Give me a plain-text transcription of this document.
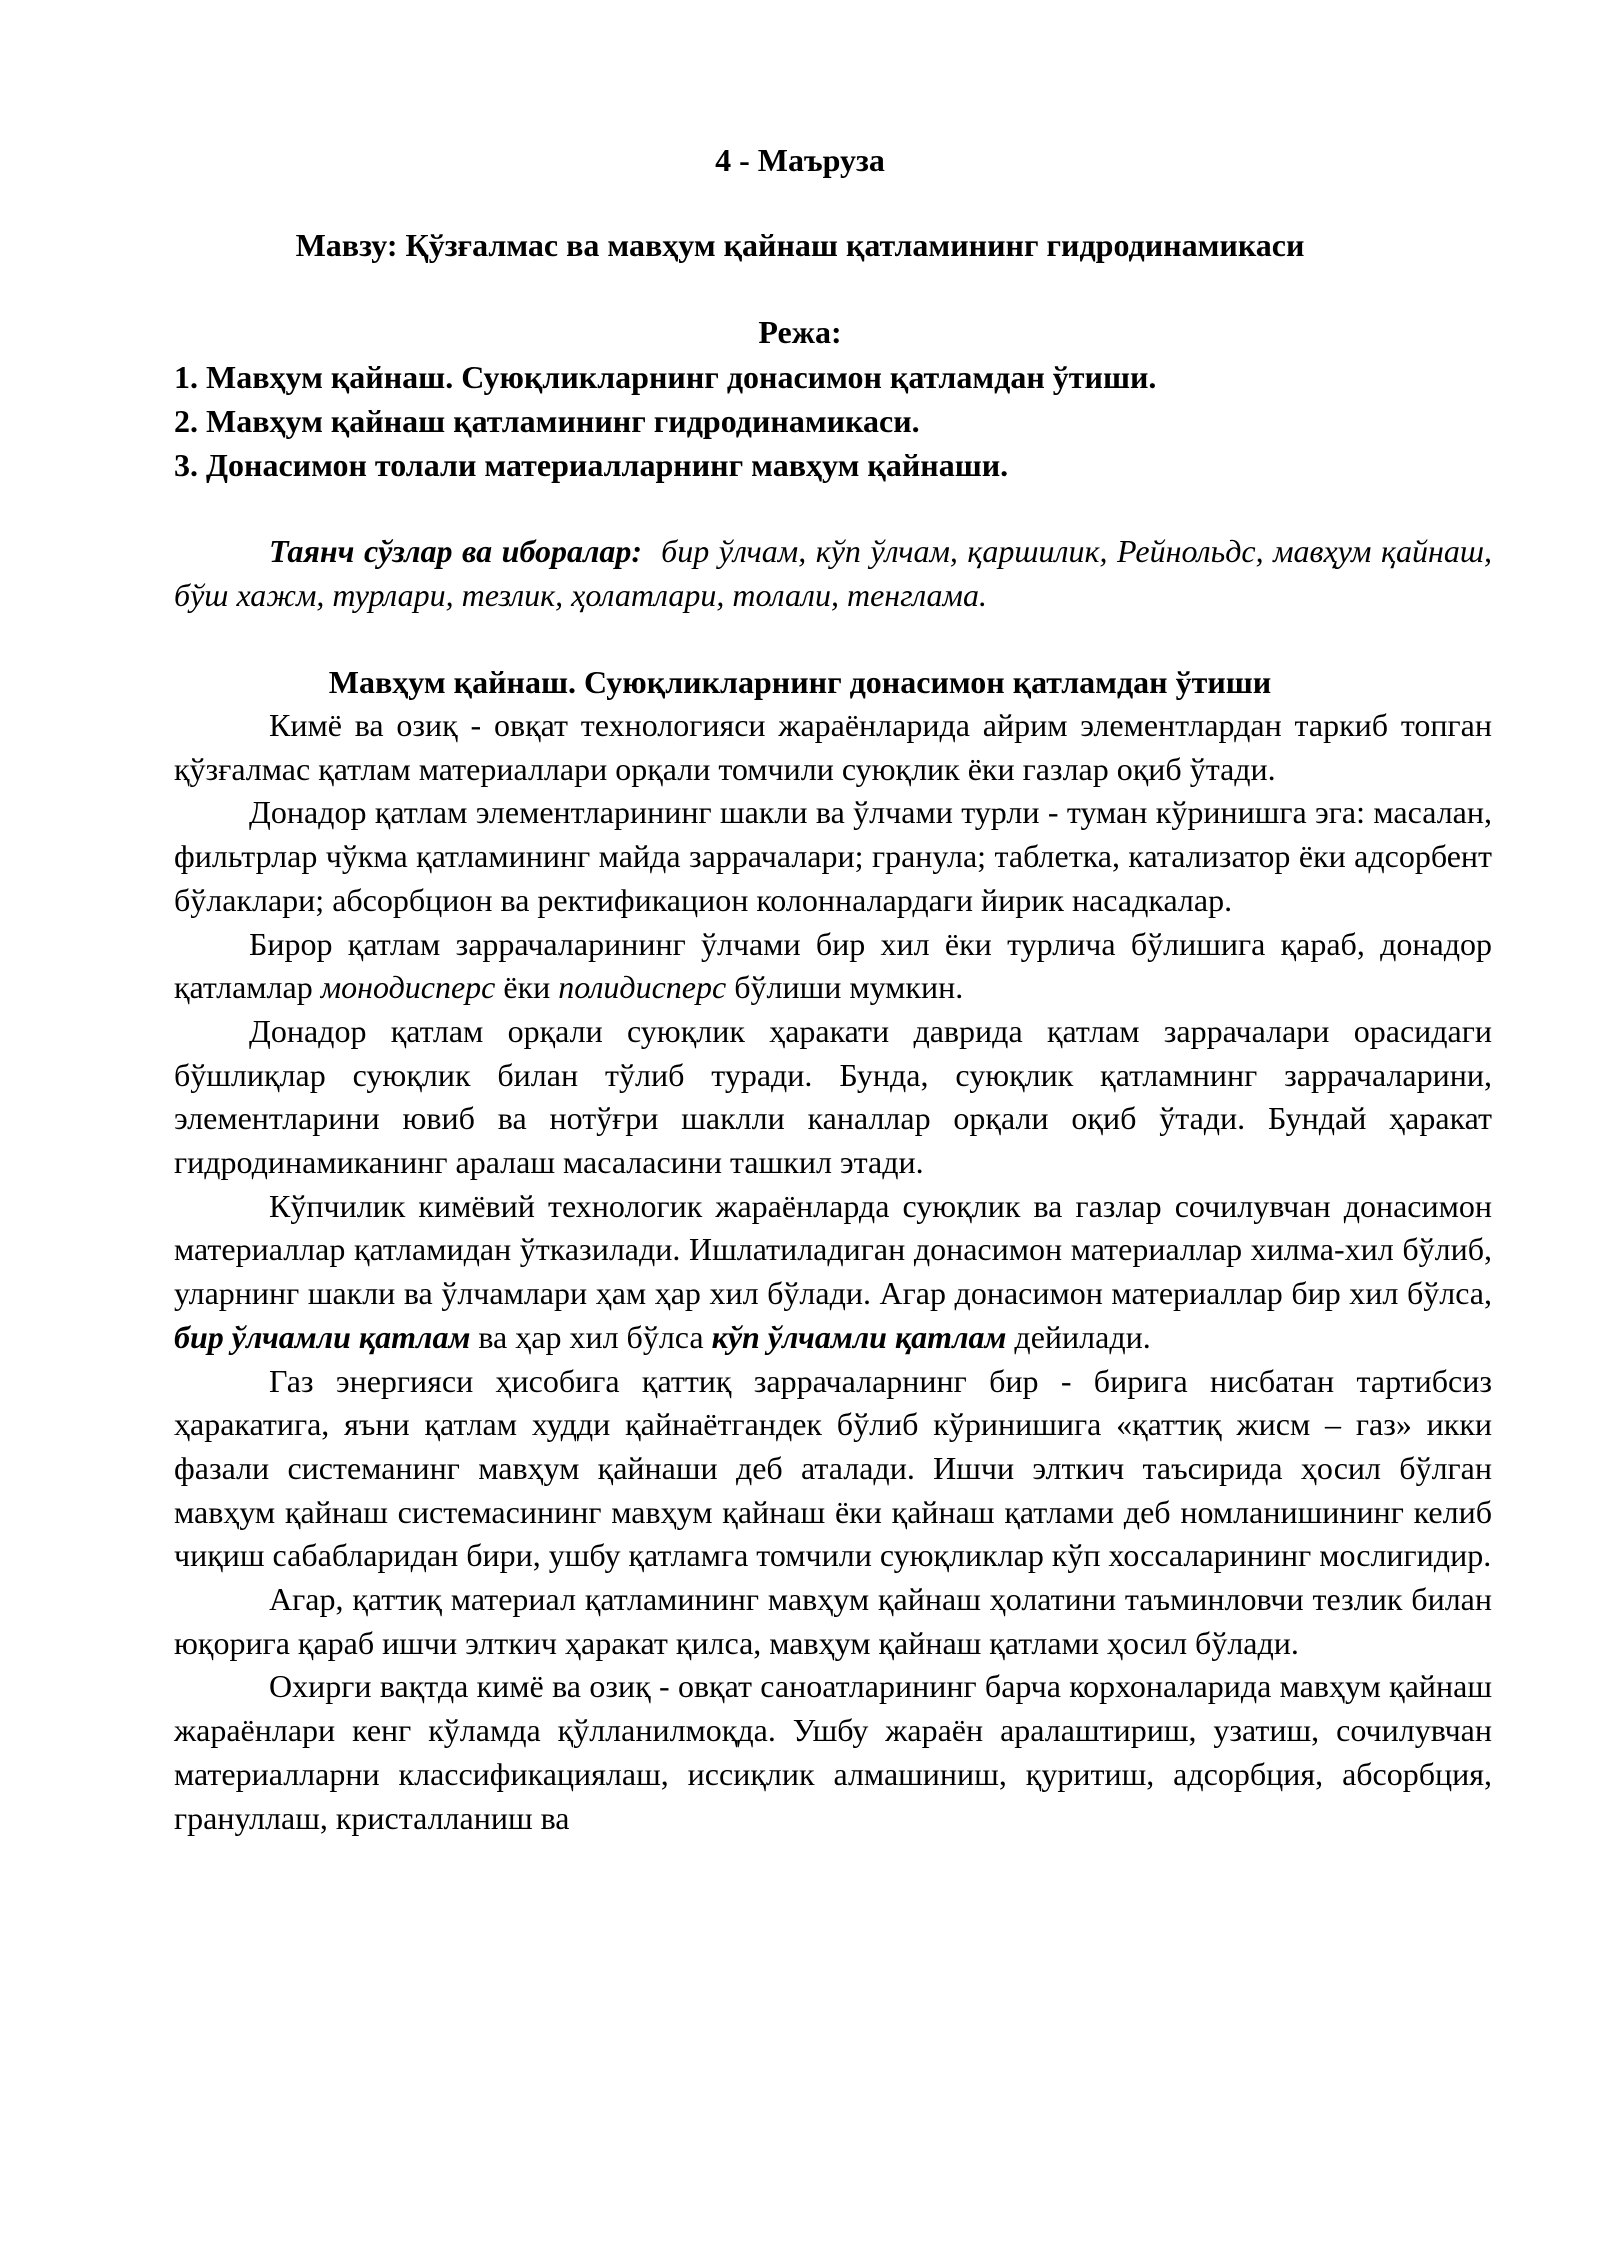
4 - Маъруза
Мавзу: Қўзғалмас ва мавҳум қайнаш қатламининг гидродинамикаси
Режа:
1. Мавҳум қайнаш. Суюқликларнинг донасимон қатламдан ўтиши.
2. Мавҳум қайнаш қатламининг гидродинамикаси.
3. Донасимон толали материалларнинг мавҳум қайнаши.
Таянч сўзлар ва иборалар: бир ўлчам, кўп ўлчам, қаршилик, Рейнольдс, мавҳум қайнаш, бўш хажм, турлари, тезлик, ҳолатлари, толали, тенглама.
Мавҳум қайнаш. Суюқликларнинг донасимон қатламдан ўтиши

Кимё ва озиқ - овқат технологияси жараёнларида айрим элементлардан таркиб топган қўзғалмас қатлам материаллари орқали томчили суюқлик ёки газлар оқиб ўтади.

Донадор қатлам элементларининг шакли ва ўлчами турли - туман кўринишга эга: масалан, фильтрлар чўкма қатламининг майда заррачалари; гранула; таблетка, катализатор ёки адсорбент бўлаклари; абсорбцион ва ректификацион колонналардаги йирик насадкалар.

Бирор қатлам заррачаларининг ўлчами бир хил ёки турлича бўлишига қараб, донадор қатламлар монодисперс ёки полидисперс бўлиши мумкин.

Донадор қатлам орқали суюқлик ҳаракати даврида қатлам заррачалари орасидаги бўшлиқлар суюқлик билан тўлиб туради. Бунда, суюқлик қатламнинг заррачаларини, элементларини ювиб ва нотўғри шаклли каналлар орқали оқиб ўтади. Бундай ҳаракат гидродинамиканинг аралаш масаласини ташкил этади.

Кўпчилик кимёвий технологик жараёнларда суюқлик ва газлар сочилувчан донасимон материаллар қатламидан ўтказилади. Ишлатиладиган донасимон материаллар хилма-хил бўлиб, уларнинг шакли ва ўлчамлари ҳам ҳар хил бўлади. Агар донасимон материаллар бир хил бўлса, бир ўлчамли қатлам ва ҳар хил бўлса кўп ўлчамли қатлам дейилади.

Газ энергияси ҳисобига қаттиқ заррачаларнинг бир - бирига нисбатан тартибсиз ҳаракатига, яъни қатлам худди қайнаётгандек бўлиб кўринишига «қаттиқ жисм – газ» икки фазали системанинг мавҳум қайнаши деб аталади. Ишчи элткич таъсирида ҳосил бўлган мавҳум қайнаш системасининг мавҳум қайнаш ёки қайнаш қатлами деб номланишининг келиб чиқиш сабабларидан бири, ушбу қатламга томчили суюқликлар кўп хоссаларининг мослигидир.

Агар, қаттиқ материал қатламининг мавҳум қайнаш ҳолатини таъминловчи тезлик билан юқорига қараб ишчи элткич ҳаракат қилса, мавҳум қайнаш қатлами ҳосил бўлади.

Охирги вақтда кимё ва озиқ - овқат саноатларининг барча корхоналарида мавҳум қайнаш жараёнлари кенг кўламда қўлланилмоқда. Ушбу жараён аралаштириш, узатиш, сочилувчан материалларни классификациялаш, иссиқлик алмашиниш, қуритиш, адсорбция, абсорбция, грануллаш, кристалланиш ва
